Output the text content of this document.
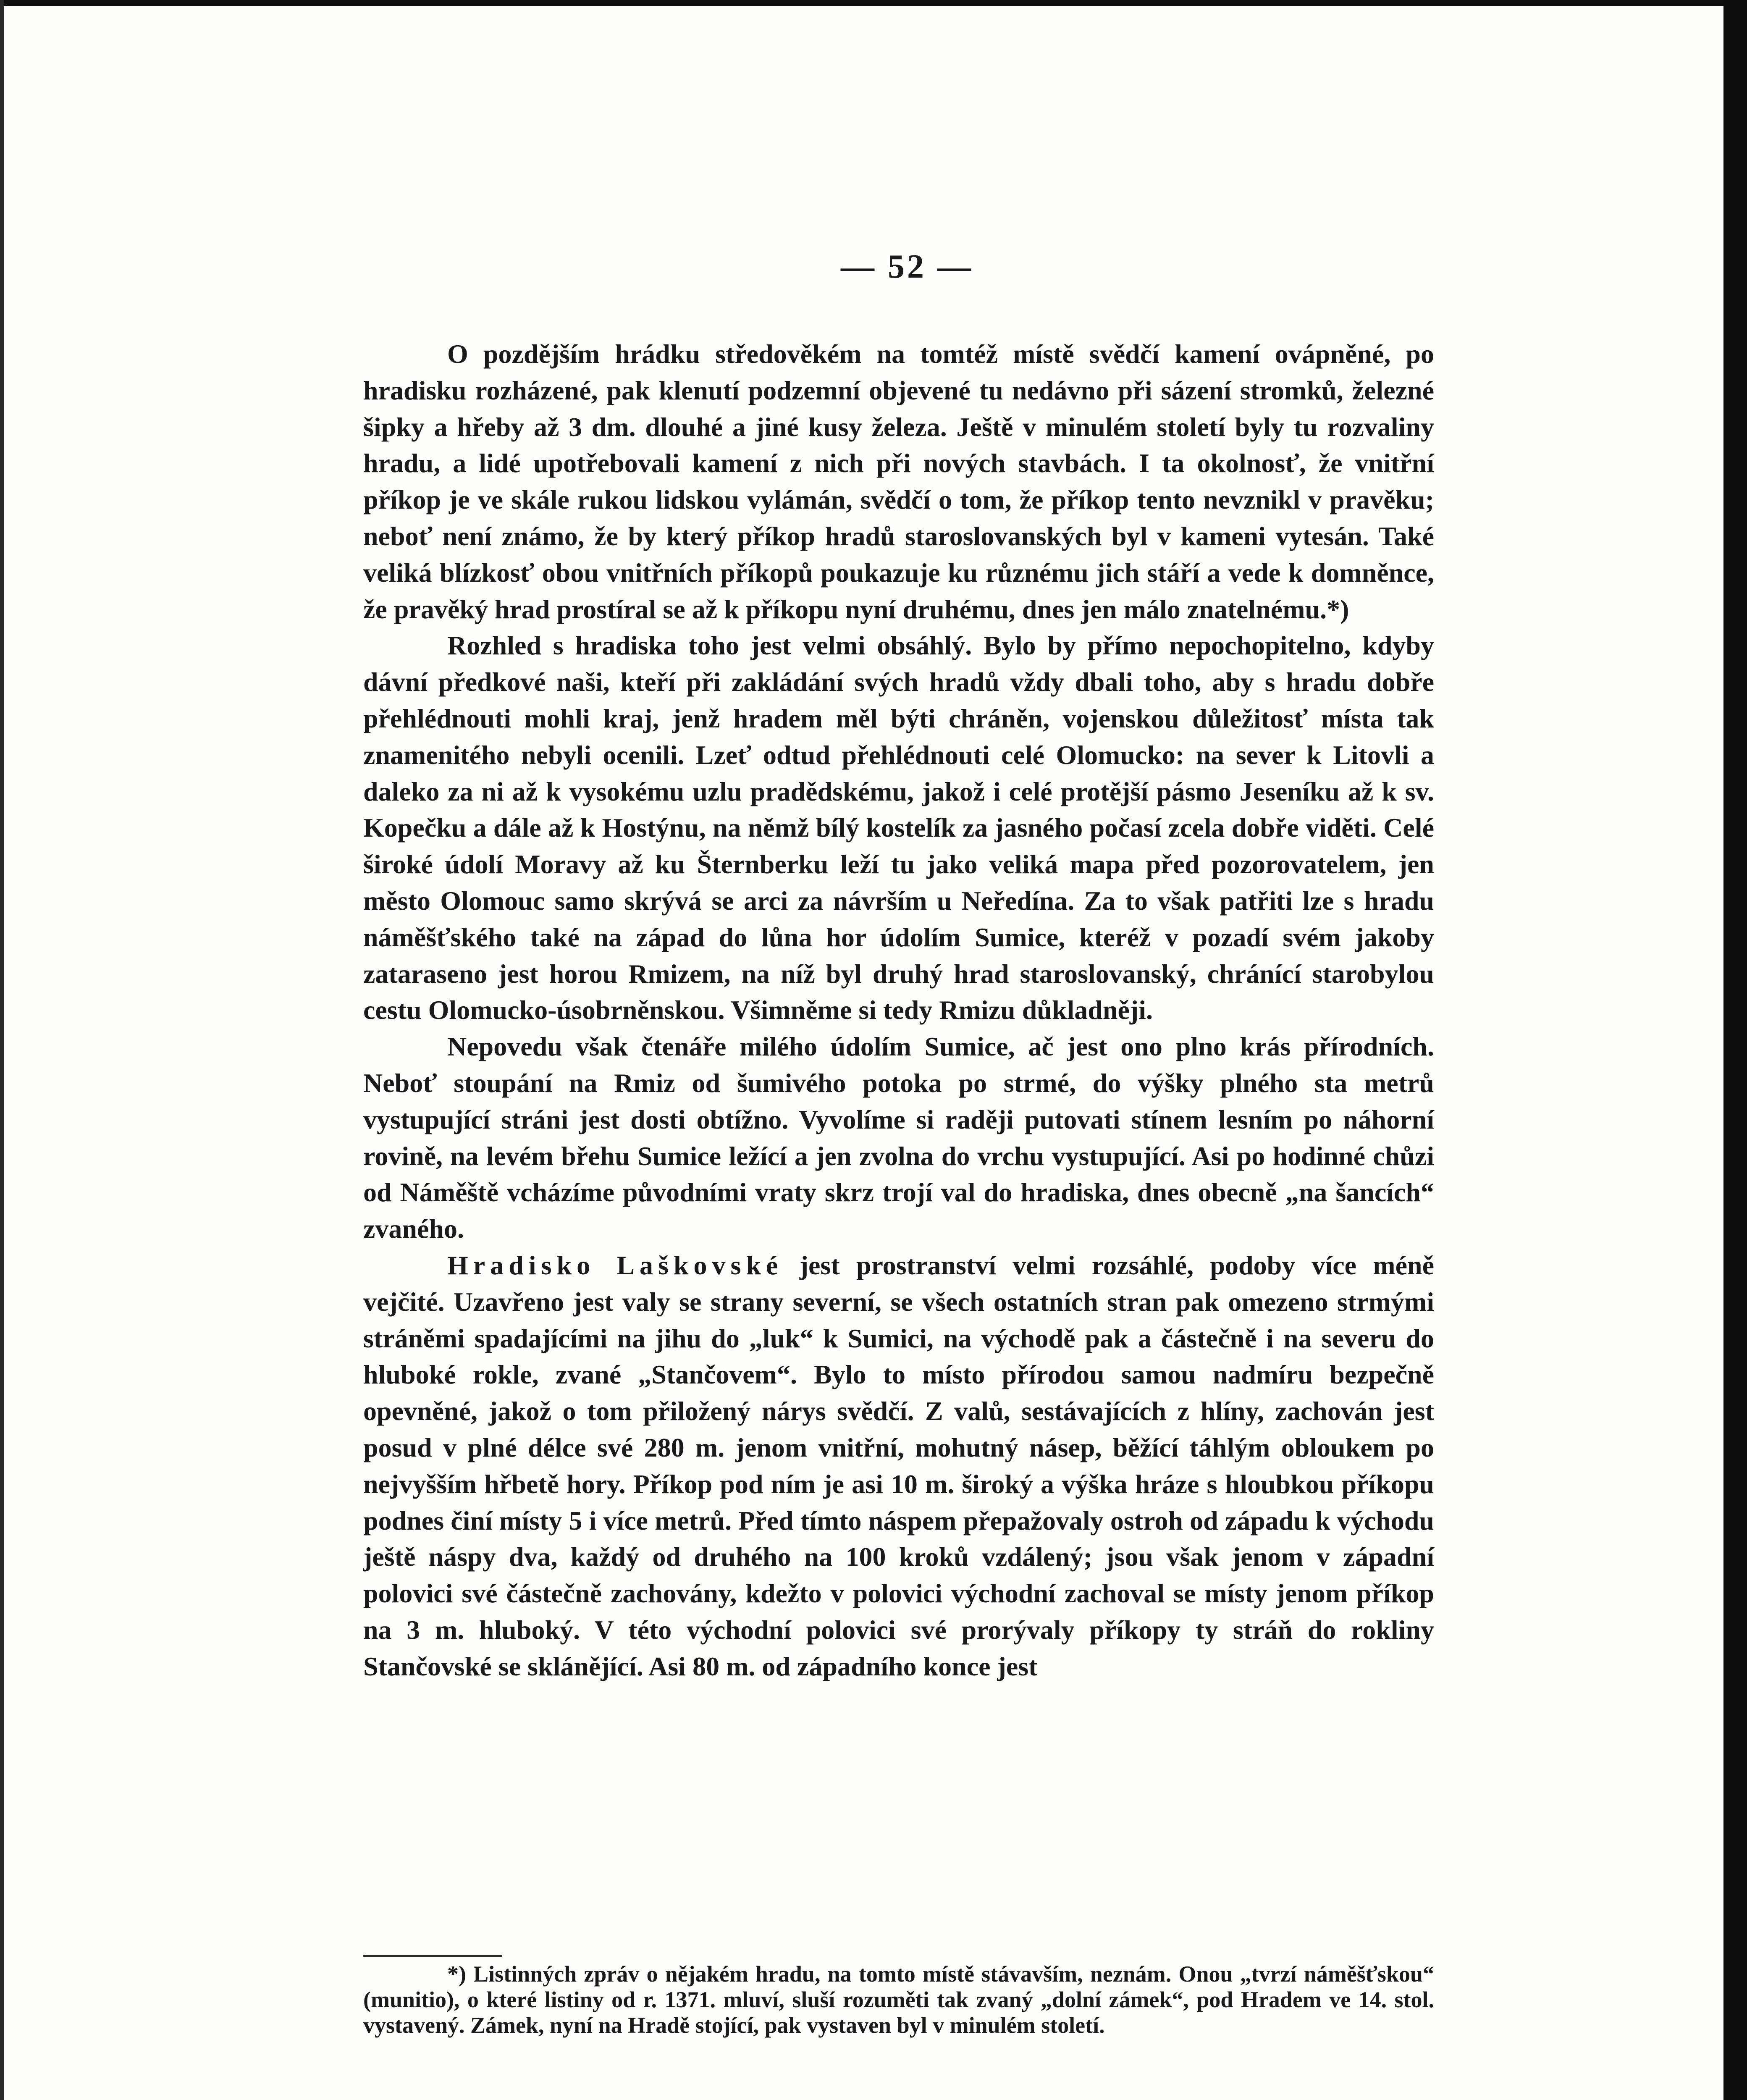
— 52 —

O pozdějším hrádku středověkém na tomtéž místě svědčí kamení ovápněné, po hradisku rozházené, pak klenutí podzemní objevené tu nedávno při sázení stromků, železné šipky a hřeby až 3 dm. dlouhé a jiné kusy železa. Ještě v minulém století byly tu rozvaliny hradu, a lidé upotřebovali kamení z nich při nových stavbách. I ta okolnosť, že vnitřní příkop je ve skále rukou lidskou vylámán, svědčí o tom, že příkop tento nevznikl v pravěku; neboť není známo, že by který příkop hradů staroslovanských byl v kameni vytesán. Také veliká blízkosť obou vnitřních příkopů poukazuje ku různému jich stáří a vede k domněnce, že pravěký hrad prostíral se až k příkopu nyní druhému, dnes jen málo znatelnému.*)

Rozhled s hradiska toho jest velmi obsáhlý. Bylo by přímo nepochopitelno, kdyby dávní předkové naši, kteří při zakládání svých hradů vždy dbali toho, aby s hradu dobře přehlédnouti mohli kraj, jenž hradem měl býti chráněn, vojenskou důležitosť místa tak znamenitého nebyli ocenili. Lzeť odtud přehlédnouti celé Olomucko: na sever k Litovli a daleko za ni až k vysokému uzlu pradědskému, jakož i celé protější pásmo Jeseníku až k sv. Kopečku a dále až k Hostýnu, na němž bílý kostelík za jasného počasí zcela dobře viděti. Celé široké údolí Moravy až ku Šternberku leží tu jako veliká mapa před pozorovatelem, jen město Olomouc samo skrývá se arci za návrším u Neředína. Za to však patřiti lze s hradu náměšťského také na západ do lůna hor údolím Sumice, kteréž v pozadí svém jakoby zataraseno jest horou Rmizem, na níž byl druhý hrad staroslovanský, chránící starobylou cestu Olomucko-úsobrněnskou. Všimněme si tedy Rmizu důkladněji.

Nepovedu však čtenáře milého údolím Sumice, ač jest ono plno krás přírodních. Neboť stoupání na Rmiz od šumivého potoka po strmé, do výšky plného sta metrů vystupující stráni jest dosti obtížno. Vyvolíme si raději putovati stínem lesním po náhorní rovině, na levém břehu Sumice ležící a jen zvolna do vrchu vystupující. Asi po hodinné chůzi od Náměště vcházíme původními vraty skrz trojí val do hradiska, dnes obecně „na šancích“ zvaného.

Hradisko Laškovské jest prostranství velmi rozsáhlé, podoby více méně vejčité. Uzavřeno jest valy se strany severní, se všech ostatních stran pak omezeno strmými stráněmi spadajícími na jihu do „luk“ k Sumici, na východě pak a částečně i na severu do hluboké rokle, zvané „Stančovem“. Bylo to místo přírodou samou nadmíru bezpečně opevněné, jakož o tom přiložený nárys svědčí. Z valů, sestávajících z hlíny, zachován jest posud v plné délce své 280 m. jenom vnitřní, mohutný násep, běžící táhlým obloukem po nejvyšším hřbetě hory. Příkop pod ním je asi 10 m. široký a výška hráze s hloubkou příkopu podnes činí místy 5 i více metrů. Před tímto náspem přepažovaly ostroh od západu k východu ještě náspy dva, každý od druhého na 100 kroků vzdálený; jsou však jenom v západní polovici své částečně zachovány, kdežto v polovici východní zachoval se místy jenom příkop na 3 m. hluboký. V této východní polovici své prorývaly příkopy ty stráň do rokliny Stančovské se sklánějící. Asi 80 m. od západního konce jest

*) Listinných zpráv o nějakém hradu, na tomto místě stávavším, neznám. Onou „tvrzí náměšťskou“ (munitio), o které listiny od r. 1371. mluví, sluší rozuměti tak zvaný „dolní zámek“, pod Hradem ve 14. stol. vystavený. Zámek, nyní na Hradě stojící, pak vystaven byl v minulém století.
